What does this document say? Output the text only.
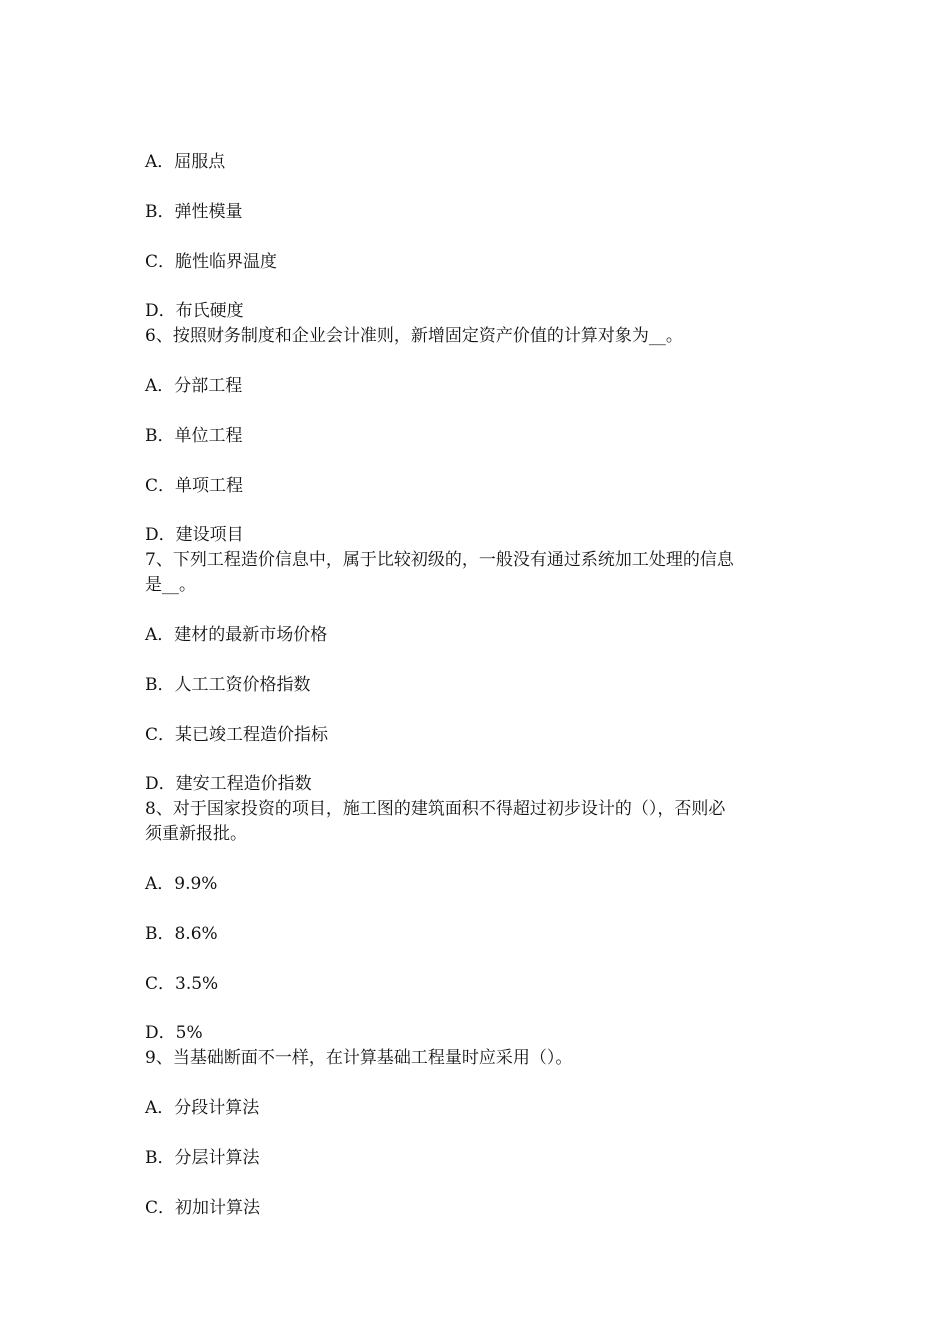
A．屈服点
B．弹性模量
C．脆性临界温度
D．布氏硬度
6、按照财务制度和企业会计准则，新增固定资产价值的计算对象为__。
A．分部工程
B．单位工程
C．单项工程
D．建设项目
7、下列工程造价信息中，属于比较初级的，一般没有通过系统加工处理的信息
是__。
A．建材的最新市场价格
B．人工工资价格指数
C．某已竣工程造价指标
D．建安工程造价指数
8、对于国家投资的项目，施工图的建筑面积不得超过初步设计的（），否则必
须重新报批。
A．9.9%
B．8.6%
C．3.5%
D．5%
9、当基础断面不一样，在计算基础工程量时应采用（）。
A．分段计算法
B．分层计算法
C．初加计算法
